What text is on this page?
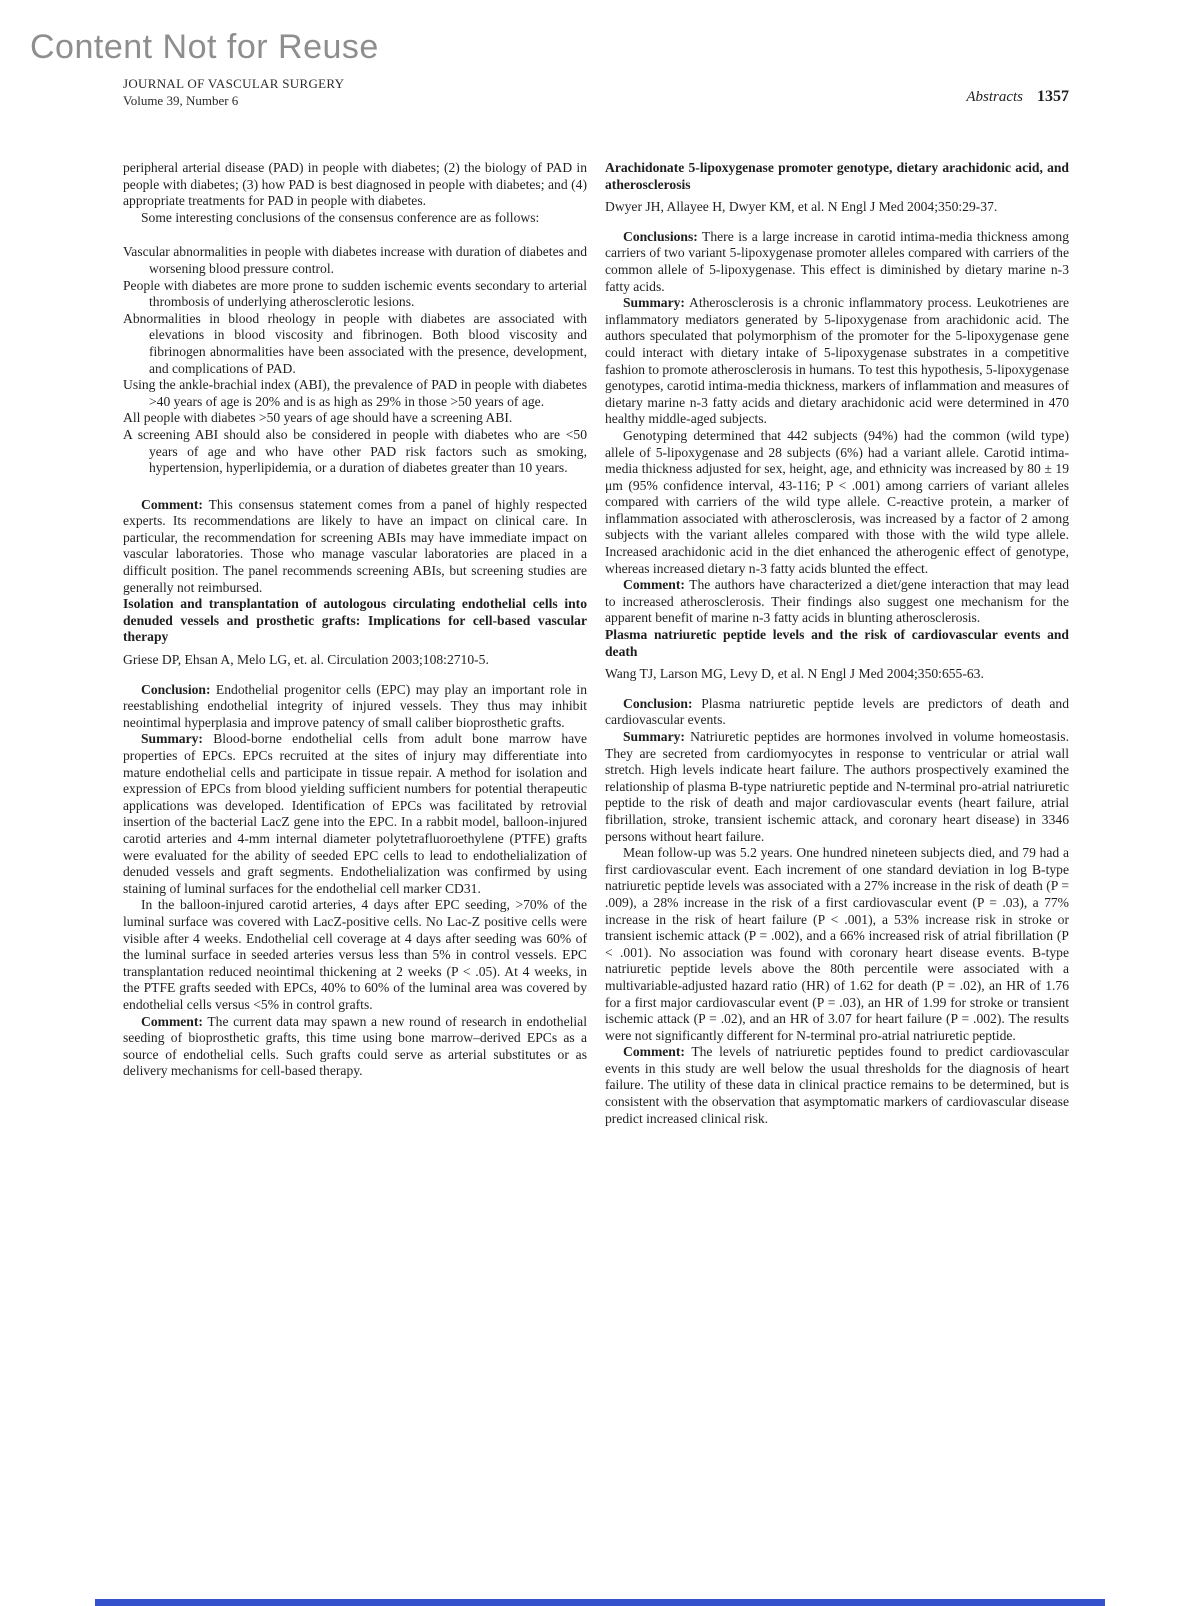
Content Not for Reuse
JOURNAL OF VASCULAR SURGERY
Volume 39, Number 6	Abstracts 1357

peripheral arterial disease (PAD) in people with diabetes; (2) the biology of PAD in people with diabetes; (3) how PAD is best diagnosed in people with diabetes; and (4) appropriate treatments for PAD in people with diabetes.

Some interesting conclusions of the consensus conference are as follows:

Vascular abnormalities in people with diabetes increase with duration of diabetes and worsening blood pressure control.

People with diabetes are more prone to sudden ischemic events secondary to arterial thrombosis of underlying atherosclerotic lesions.

Abnormalities in blood rheology in people with diabetes are associated with elevations in blood viscosity and fibrinogen. Both blood viscosity and fibrinogen abnormalities have been associated with the presence, development, and complications of PAD.

Using the ankle-brachial index (ABI), the prevalence of PAD in people with diabetes >40 years of age is 20% and is as high as 29% in those >50 years of age.

All people with diabetes >50 years of age should have a screening ABI.

A screening ABI should also be considered in people with diabetes who are <50 years of age and who have other PAD risk factors such as smoking, hypertension, hyperlipidemia, or a duration of diabetes greater than 10 years.

Comment: This consensus statement comes from a panel of highly respected experts. Its recommendations are likely to have an impact on clinical care. In particular, the recommendation for screening ABIs may have immediate impact on vascular laboratories. Those who manage vascular laboratories are placed in a difficult position. The panel recommends screening ABIs, but screening studies are generally not reimbursed.

Isolation and transplantation of autologous circulating endothelial cells into denuded vessels and prosthetic grafts: Implications for cell-based vascular therapy

Griese DP, Ehsan A, Melo LG, et. al. Circulation 2003;108:2710-5.

Conclusion: Endothelial progenitor cells (EPC) may play an important role in reestablishing endothelial integrity of injured vessels. They thus may inhibit neointimal hyperplasia and improve patency of small caliber bioprosthetic grafts.

Summary: Blood-borne endothelial cells from adult bone marrow have properties of EPCs. EPCs recruited at the sites of injury may differentiate into mature endothelial cells and participate in tissue repair. A method for isolation and expression of EPCs from blood yielding sufficient numbers for potential therapeutic applications was developed. Identification of EPCs was facilitated by retrovial insertion of the bacterial LacZ gene into the EPC. In a rabbit model, balloon-injured carotid arteries and 4-mm internal diameter polytetrafluoroethylene (PTFE) grafts were evaluated for the ability of seeded EPC cells to lead to endothelialization of denuded vessels and graft segments. Endothelialization was confirmed by using staining of luminal surfaces for the endothelial cell marker CD31.

In the balloon-injured carotid arteries, 4 days after EPC seeding, >70% of the luminal surface was covered with LacZ-positive cells. No Lac-Z positive cells were visible after 4 weeks. Endothelial cell coverage at 4 days after seeding was 60% of the luminal surface in seeded arteries versus less than 5% in control vessels. EPC transplantation reduced neointimal thickening at 2 weeks (P < .05). At 4 weeks, in the PTFE grafts seeded with EPCs, 40% to 60% of the luminal area was covered by endothelial cells versus <5% in control grafts.

Comment: The current data may spawn a new round of research in endothelial seeding of bioprosthetic grafts, this time using bone marrow–derived EPCs as a source of endothelial cells. Such grafts could serve as arterial substitutes or as delivery mechanisms for cell-based therapy.

Arachidonate 5-lipoxygenase promoter genotype, dietary arachidonic acid, and atherosclerosis

Dwyer JH, Allayee H, Dwyer KM, et al. N Engl J Med 2004;350:29-37.

Conclusions: There is a large increase in carotid intima-media thickness among carriers of two variant 5-lipoxygenase promoter alleles compared with carriers of the common allele of 5-lipoxygenase. This effect is diminished by dietary marine n-3 fatty acids.

Summary: Atherosclerosis is a chronic inflammatory process. Leukotrienes are inflammatory mediators generated by 5-lipoxygenase from arachidonic acid. The authors speculated that polymorphism of the promoter for the 5-lipoxygenase gene could interact with dietary intake of 5-lipoxygenase substrates in a competitive fashion to promote atherosclerosis in humans. To test this hypothesis, 5-lipoxygenase genotypes, carotid intima-media thickness, markers of inflammation and measures of dietary marine n-3 fatty acids and dietary arachidonic acid were determined in 470 healthy middle-aged subjects.

Genotyping determined that 442 subjects (94%) had the common (wild type) allele of 5-lipoxygenase and 28 subjects (6%) had a variant allele. Carotid intima-media thickness adjusted for sex, height, age, and ethnicity was increased by 80 ± 19 μm (95% confidence interval, 43-116; P < .001) among carriers of variant alleles compared with carriers of the wild type allele. C-reactive protein, a marker of inflammation associated with atherosclerosis, was increased by a factor of 2 among subjects with the variant alleles compared with those with the wild type allele. Increased arachidonic acid in the diet enhanced the atherogenic effect of genotype, whereas increased dietary n-3 fatty acids blunted the effect.

Comment: The authors have characterized a diet/gene interaction that may lead to increased atherosclerosis. Their findings also suggest one mechanism for the apparent benefit of marine n-3 fatty acids in blunting atherosclerosis.

Plasma natriuretic peptide levels and the risk of cardiovascular events and death

Wang TJ, Larson MG, Levy D, et al. N Engl J Med 2004;350:655-63.

Conclusion: Plasma natriuretic peptide levels are predictors of death and cardiovascular events.

Summary: Natriuretic peptides are hormones involved in volume homeostasis. They are secreted from cardiomyocytes in response to ventricular or atrial wall stretch. High levels indicate heart failure. The authors prospectively examined the relationship of plasma B-type natriuretic peptide and N-terminal pro-atrial natriuretic peptide to the risk of death and major cardiovascular events (heart failure, atrial fibrillation, stroke, transient ischemic attack, and coronary heart disease) in 3346 persons without heart failure.

Mean follow-up was 5.2 years. One hundred nineteen subjects died, and 79 had a first cardiovascular event. Each increment of one standard deviation in log B-type natriuretic peptide levels was associated with a 27% increase in the risk of death (P = .009), a 28% increase in the risk of a first cardiovascular event (P = .03), a 77% increase in the risk of heart failure (P < .001), a 53% increase risk in stroke or transient ischemic attack (P = .002), and a 66% increased risk of atrial fibrillation (P < .001). No association was found with coronary heart disease events. B-type natriuretic peptide levels above the 80th percentile were associated with a multivariable-adjusted hazard ratio (HR) of 1.62 for death (P = .02), an HR of 1.76 for a first major cardiovascular event (P = .03), an HR of 1.99 for stroke or transient ischemic attack (P = .02), and an HR of 3.07 for heart failure (P = .002). The results were not significantly different for N-terminal pro-atrial natriuretic peptide.

Comment: The levels of natriuretic peptides found to predict cardiovascular events in this study are well below the usual thresholds for the diagnosis of heart failure. The utility of these data in clinical practice remains to be determined, but is consistent with the observation that asymptomatic markers of cardiovascular disease predict increased clinical risk.
